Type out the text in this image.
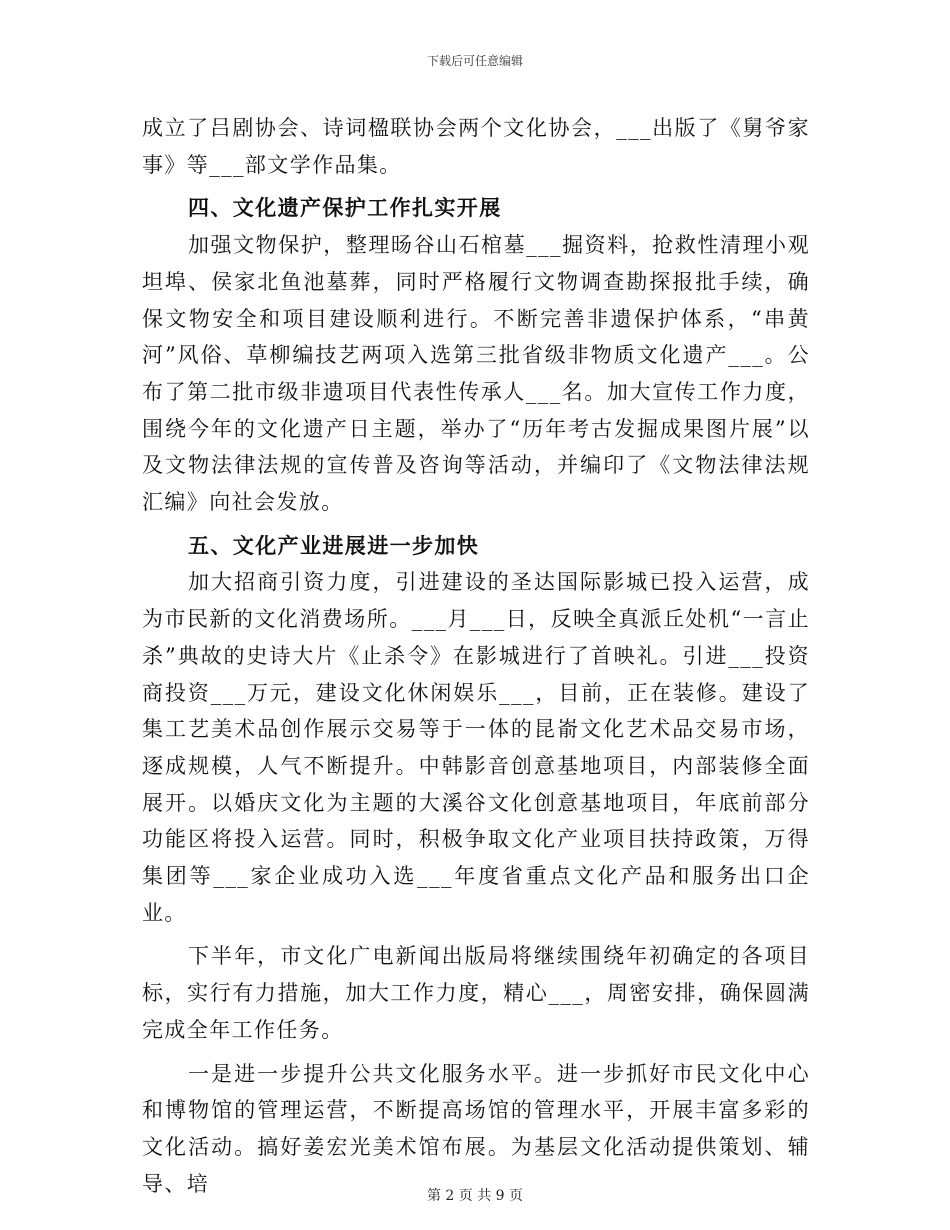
下载后可任意编辑

成立了吕剧协会、诗词楹联协会两个文化协会，___出版了《舅爷家事》等___部文学作品集。

四、文化遗产保护工作扎实开展

加强文物保护，整理旸谷山石棺墓___掘资料，抢救性清理小观坦埠、侯家北鱼池墓葬，同时严格履行文物调查勘探报批手续，确保文物安全和项目建设顺利进行。不断完善非遗保护体系，“串黄河”风俗、草柳编技艺两项入选第三批省级非物质文化遗产___。公布了第二批市级非遗项目代表性传承人___名。加大宣传工作力度，围绕今年的文化遗产日主题，举办了“历年考古发掘成果图片展”以及文物法律法规的宣传普及咨询等活动，并编印了《文物法律法规汇编》向社会发放。

五、文化产业进展进一步加快

加大招商引资力度，引进建设的圣达国际影城已投入运营，成为市民新的文化消费场所。___月___日，反映全真派丘处机“一言止杀”典故的史诗大片《止杀令》在影城进行了首映礼。引进___投资商投资___万元，建设文化休闲娱乐___，目前，正在装修。建设了集工艺美术品创作展示交易等于一体的昆嵛文化艺术品交易市场，逐成规模，人气不断提升。中韩影音创意基地项目，内部装修全面展开。以婚庆文化为主题的大溪谷文化创意基地项目，年底前部分功能区将投入运营。同时，积极争取文化产业项目扶持政策，万得集团等___家企业成功入选___年度省重点文化产品和服务出口企业。

下半年，市文化广电新闻出版局将继续围绕年初确定的各项目标，实行有力措施，加大工作力度，精心___，周密安排，确保圆满完成全年工作任务。

一是进一步提升公共文化服务水平。进一步抓好市民文化中心和博物馆的管理运营，不断提高场馆的管理水平，开展丰富多彩的文化活动。搞好姜宏光美术馆布展。为基层文化活动提供策划、辅导、培

第 2 页 共 9 页
